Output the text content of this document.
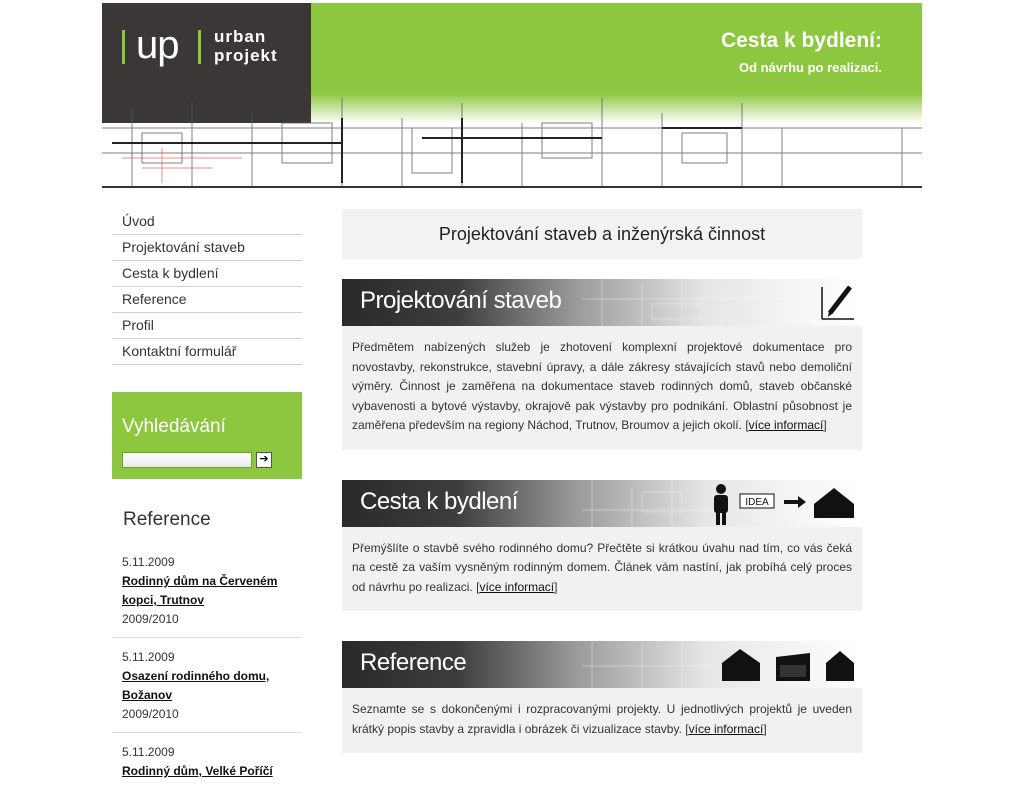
up urban
projekt
Cesta k bydlení:
Od návrhu po realizaci.
Úvod
Projektování staveb
Cesta k bydlení
Reference
Profil
Kontaktní formulář
Vyhledávání
➔
Reference
5.11.2009
Rodinný dům na Červeném kopci, Trutnov
2009/2010
5.11.2009
Osazení rodinného domu, Božanov
2009/2010
5.11.2009
Rodinný dům, Velké Poříčí
Projektování staveb a inženýrská činnost
Projektování staveb
Předmětem nabízených služeb je zhotovení komplexní projektové dokumentace pro novostavby, rekonstrukce, stavební úpravy, a dále zákresy stávajících stavů nebo demoliční výměry. Činnost je zaměřena na dokumentace staveb rodinných domů, staveb občanské vybavenosti a bytové výstavby, okrajově pak výstavby pro podnikání. Oblastní působnost je zaměřena především na regiony Náchod, Trutnov, Broumov a jejich okolí. [více informací]
Cesta k bydlení	IDEA
Přemýšlíte o stavbě svého rodinného domu? Přečtěte si krátkou úvahu nad tím, co vás čeká na cestě za vaším vysněným rodinným domem. Článek vám nastíní, jak probíhá celý proces od návrhu po realizaci. [více informací]
Reference
Seznamte se s dokončenými i rozpracovanými projekty. U jednotlivých projektů je uveden krátký popis stavby a zpravidla i obrázek či vizualizace stavby. [více informací]
